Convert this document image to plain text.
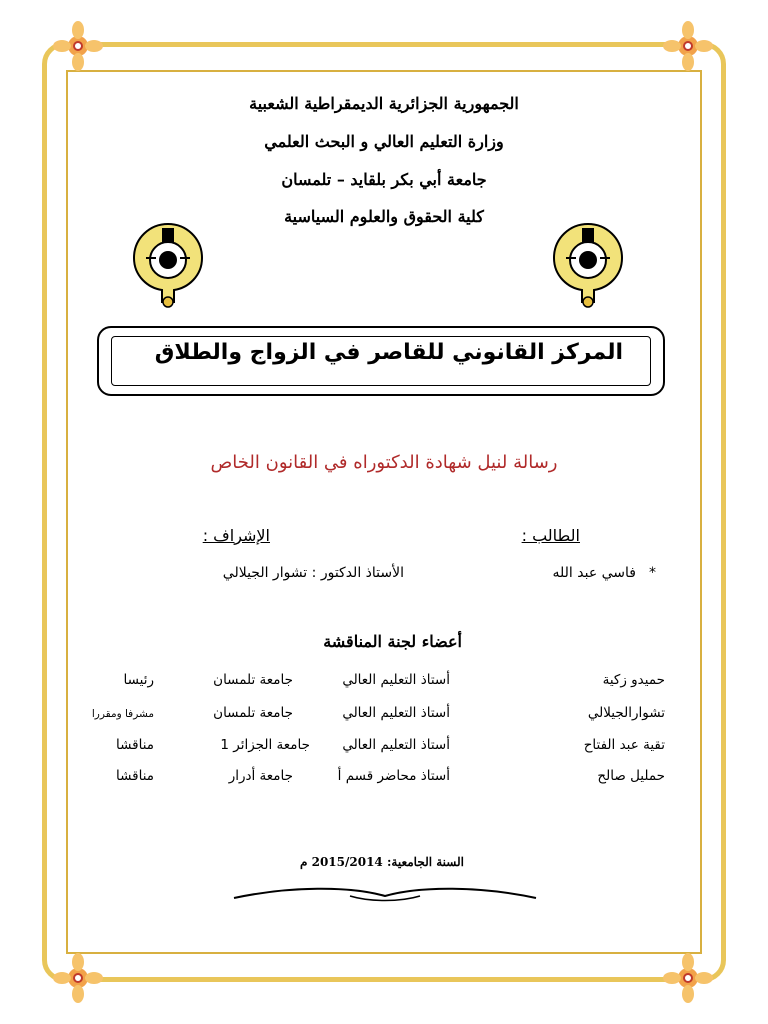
الجمهورية الجزائرية الديمقراطية الشعبية
وزارة التعليم العالي و البحث العلمي
جامعة أبي بكر بلقايد – تلمسان
كلية الحقوق والعلوم السياسية
المركز القانوني للقاصر في الزواج والطلاق
رسالة لنيل شهادة الدكتوراه في القانون الخاص
الطالب :
الإشراف :
*
فاسي عبد الله
الأستاذ الدكتور : تشوار الجيلالي
أعضاء لجنة المناقشة
حميدو زكية
أستاذ التعليم العالي
جامعة تلمسان
رئيسا
تشوارالجيلالي
أستاذ التعليم العالي
جامعة تلمسان
مشرفا ومقررا
تقية عبد الفتاح
أستاذ التعليم العالي
جامعة الجزائر 1
مناقشا
حمليل صالح
أستاذ محاضر قسم أ
جامعة أدرار
مناقشا
السنة الجامعية: 2015/2014 م
